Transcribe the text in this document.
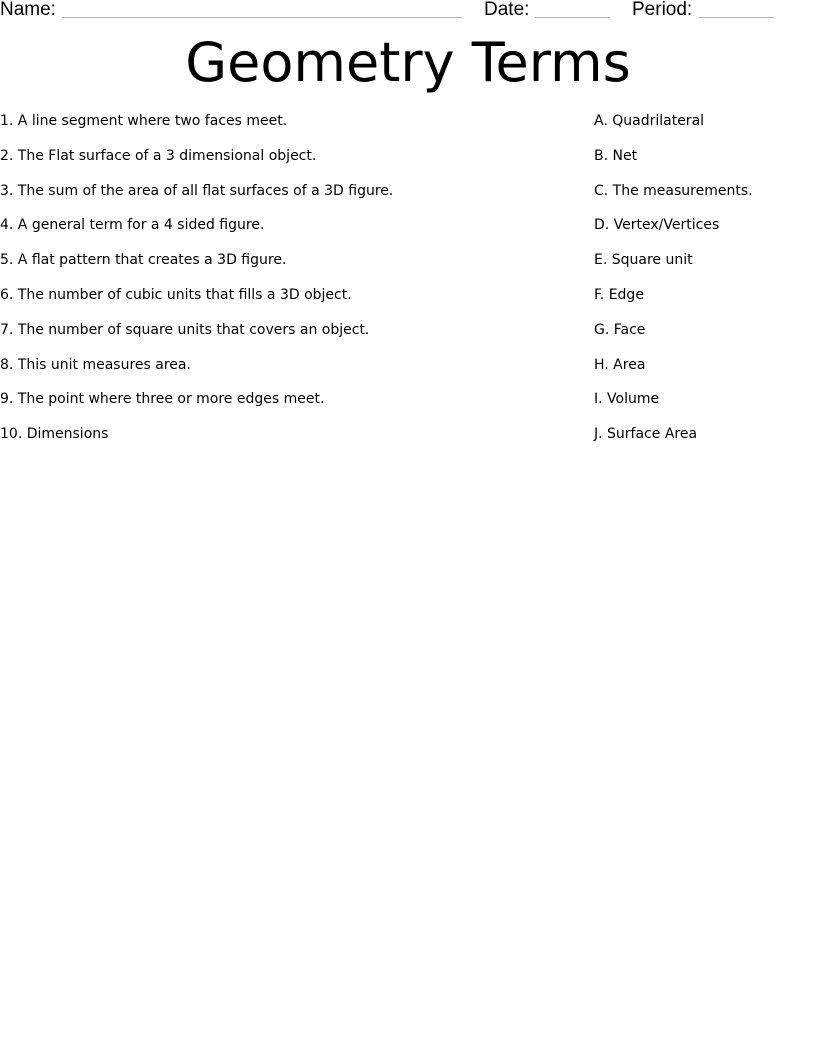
Name:	Date:	Period:
Geometry Terms
1. A line segment where two faces meet.
2. The Flat surface of a 3 dimensional object.
3. The sum of the area of all flat surfaces of a 3D figure.
4. A general term for a 4 sided figure.
5. A flat pattern that creates a 3D figure.
6. The number of cubic units that fills a 3D object.
7. The number of square units that covers an object.
8. This unit measures area.
9. The point where three or more edges meet.
10. Dimensions
A. Quadrilateral
B. Net
C. The measurements.
D. Vertex/Vertices
E. Square unit
F. Edge
G. Face
H. Area
I. Volume
J. Surface Area
